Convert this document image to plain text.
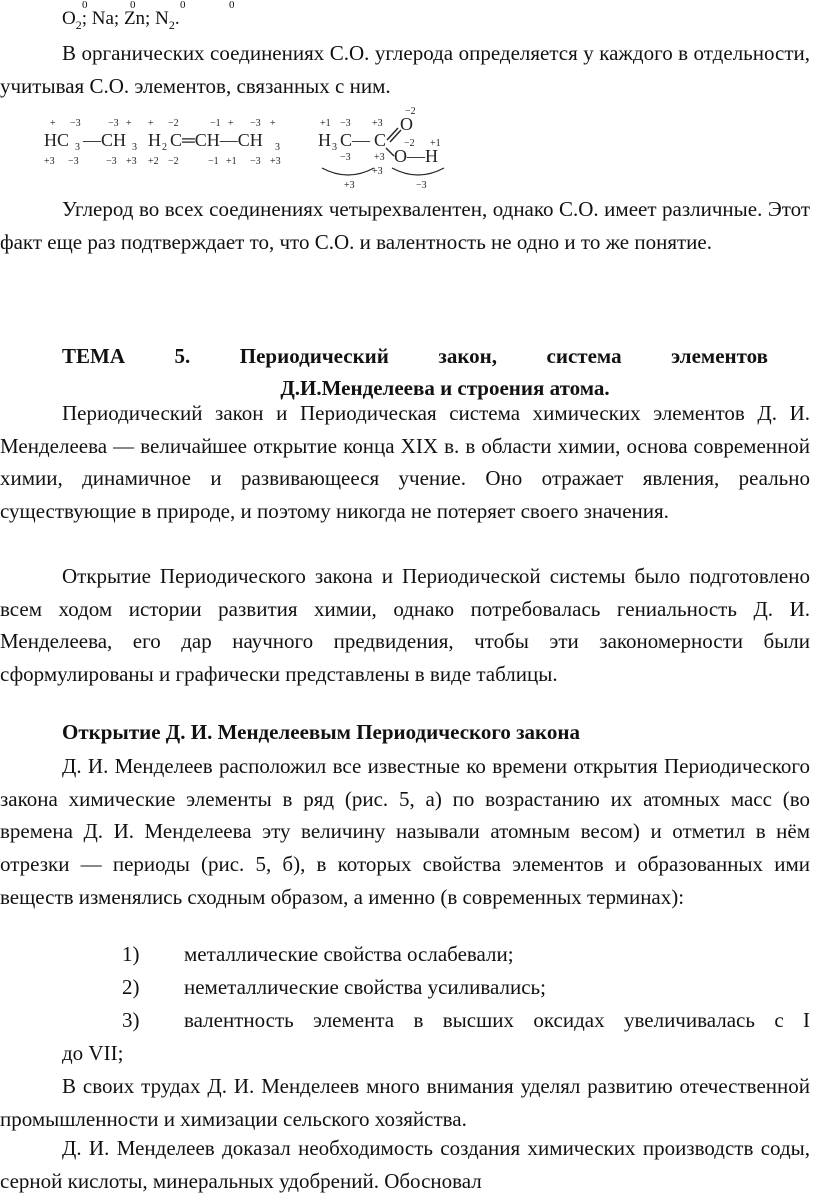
0	0	0	0
$O_2$; Na; Zn; $N_2$.

В органических соединениях С.О. углерода определяется у каждого в отдельности, учитывая С.О. элементов, связанных с ним.

+ −3	−3 +
HC 3 —CH 3
+3 −3	−3 +3
+ −2	−1 + −3 +
H 2 C═CH—CH 3
+2 −2	−1 +1 −3 +3
−2
+1 −3 +3 O
H 3 C— C
+3
−3 O—H
+3
−2 +1
+3	−3

Углерод во всех соединениях четырехвалентен, однако С.О. имеет различные. Этот факт еще раз подтверждает то, что С.О. и валентность не одно и то же понятие.

ТЕМА 5. Периодический закон, система элементов
Д.И.Менделеева и строения атома.

Периодический закон и Периодическая система химических элементов Д. И. Менделеева — величайшее открытие конца XIX в. в области химии, основа современной химии, динамичное и развивающееся учение. Оно отражает явления, реально существующие в природе, и поэтому никогда не потеряет своего значения.

Открытие Периодического закона и Периодической системы было подготовлено всем ходом истории развития химии, однако потребовалась гениальность Д. И. Менделеева, его дар научного предвидения, чтобы эти закономерности были сформулированы и графически представлены в виде таблицы.

Открытие Д. И. Менделеевым Периодического закона

Д. И. Менделеев расположил все известные ко времени открытия Периодического закона химические элементы в ряд (рис. 5, а) по возрастанию их атомных масс (во времена Д. И. Менделеева эту величину называли атомным весом) и отметил в нём отрезки — периоды (рис. 5, б), в которых свойства элементов и образованных ими веществ изменялись сходным образом, а именно (в современных терминах):

1) металлические свойства ослабевали;
2) неметаллические свойства усиливались;
3) валентность элемента в высших оксидах увеличивалась с I
до VII;

В своих трудах Д. И. Менделеев много внимания уделял развитию отечественной промышленности и химизации сельского хозяйства.

Д. И. Менделеев доказал необходимость создания химических производств соды, серной кислоты, минеральных удобрений. Обосновал
